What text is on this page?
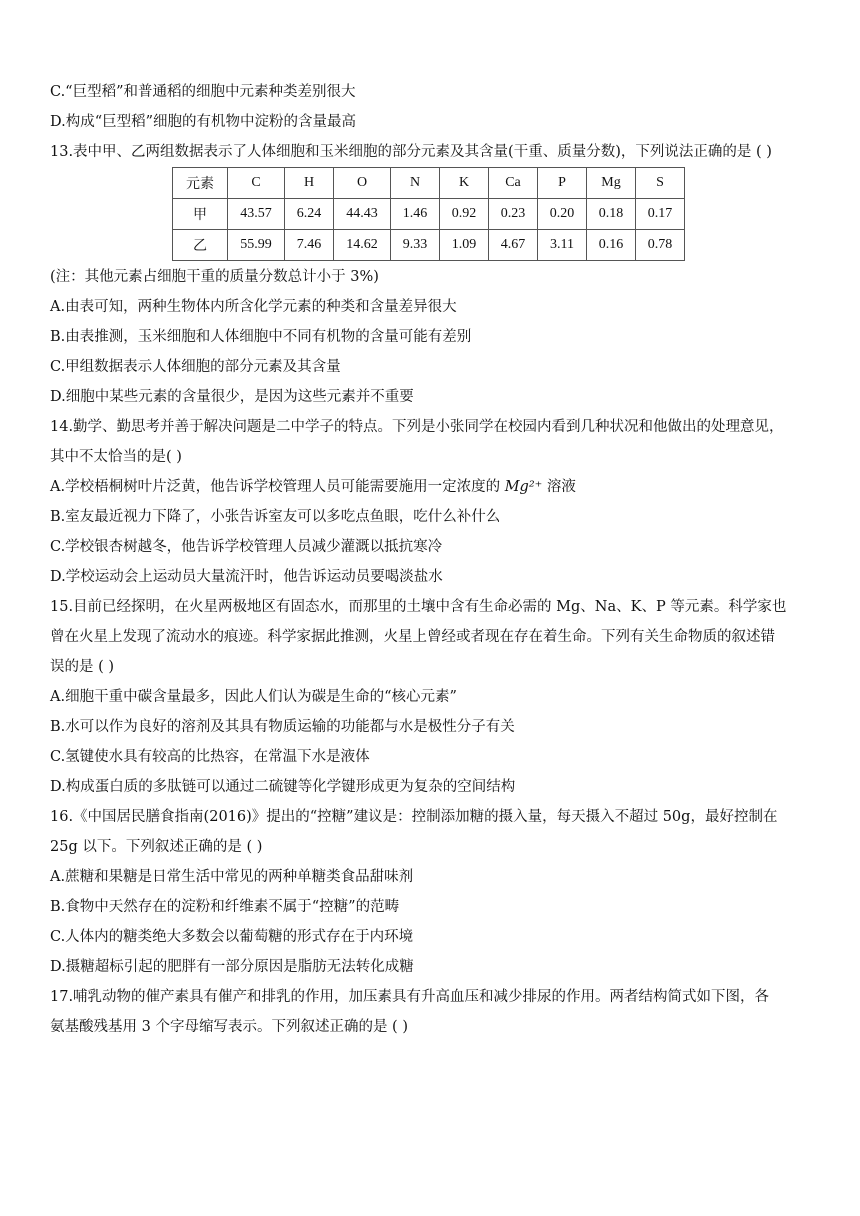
C.“巨型稻”和普通稻的细胞中元素种类差别很大
D.构成“巨型稻”细胞的有机物中淀粉的含量最高
13.表中甲、乙两组数据表示了人体细胞和玉米细胞的部分元素及其含量(干重、质量分数)，下列说法正确的是 ( )
元素	C	H	O	N	K	Ca	P	Mg	S
甲	43.57	6.24	44.43	1.46	0.92	0.23	0.20	0.18	0.17
乙	55.99	7.46	14.62	9.33	1.09	4.67	3.11	0.16	0.78
(注：其他元素占细胞干重的质量分数总计小于 3%)
A.由表可知，两种生物体内所含化学元素的种类和含量差异很大
B.由表推测，玉米细胞和人体细胞中不同有机物的含量可能有差别
C.甲组数据表示人体细胞的部分元素及其含量
D.细胞中某些元素的含量很少，是因为这些元素并不重要
14.勤学、勤思考并善于解决问题是二中学子的特点。下列是小张同学在校园内看到几种状况和他做出的处理意见，
其中不太恰当的是( )
A.学校梧桐树叶片泛黄，他告诉学校管理人员可能需要施用一定浓度的 Mg²⁺ 溶液
B.室友最近视力下降了，小张告诉室友可以多吃点鱼眼，吃什么补什么
C.学校银杏树越冬，他告诉学校管理人员减少灌溉以抵抗寒冷
D.学校运动会上运动员大量流汗时，他告诉运动员要喝淡盐水
15.目前已经探明，在火星两极地区有固态水，而那里的土壤中含有生命必需的 Mg、Na、K、P 等元素。科学家也
曾在火星上发现了流动水的痕迹。科学家据此推测，火星上曾经或者现在存在着生命。下列有关生命物质的叙述错
误的是 ( )
A.细胞干重中碳含量最多，因此人们认为碳是生命的“核心元素”
B.水可以作为良好的溶剂及其具有物质运输的功能都与水是极性分子有关
C.氢键使水具有较高的比热容，在常温下水是液体
D.构成蛋白质的多肽链可以通过二硫键等化学键形成更为复杂的空间结构
16.《中国居民膳食指南(2016)》提出的“控糖”建议是：控制添加糖的摄入量，每天摄入不超过 50g，最好控制在
25g 以下。下列叙述正确的是 ( )
A.蔗糖和果糖是日常生活中常见的两种单糖类食品甜味剂
B.食物中天然存在的淀粉和纤维素不属于“控糖”的范畴
C.人体内的糖类绝大多数会以葡萄糖的形式存在于内环境
D.摄糖超标引起的肥胖有一部分原因是脂肪无法转化成糖
17.哺乳动物的催产素具有催产和排乳的作用，加压素具有升高血压和减少排尿的作用。两者结构简式如下图，各
氨基酸残基用 3 个字母缩写表示。下列叙述正确的是 ( )
